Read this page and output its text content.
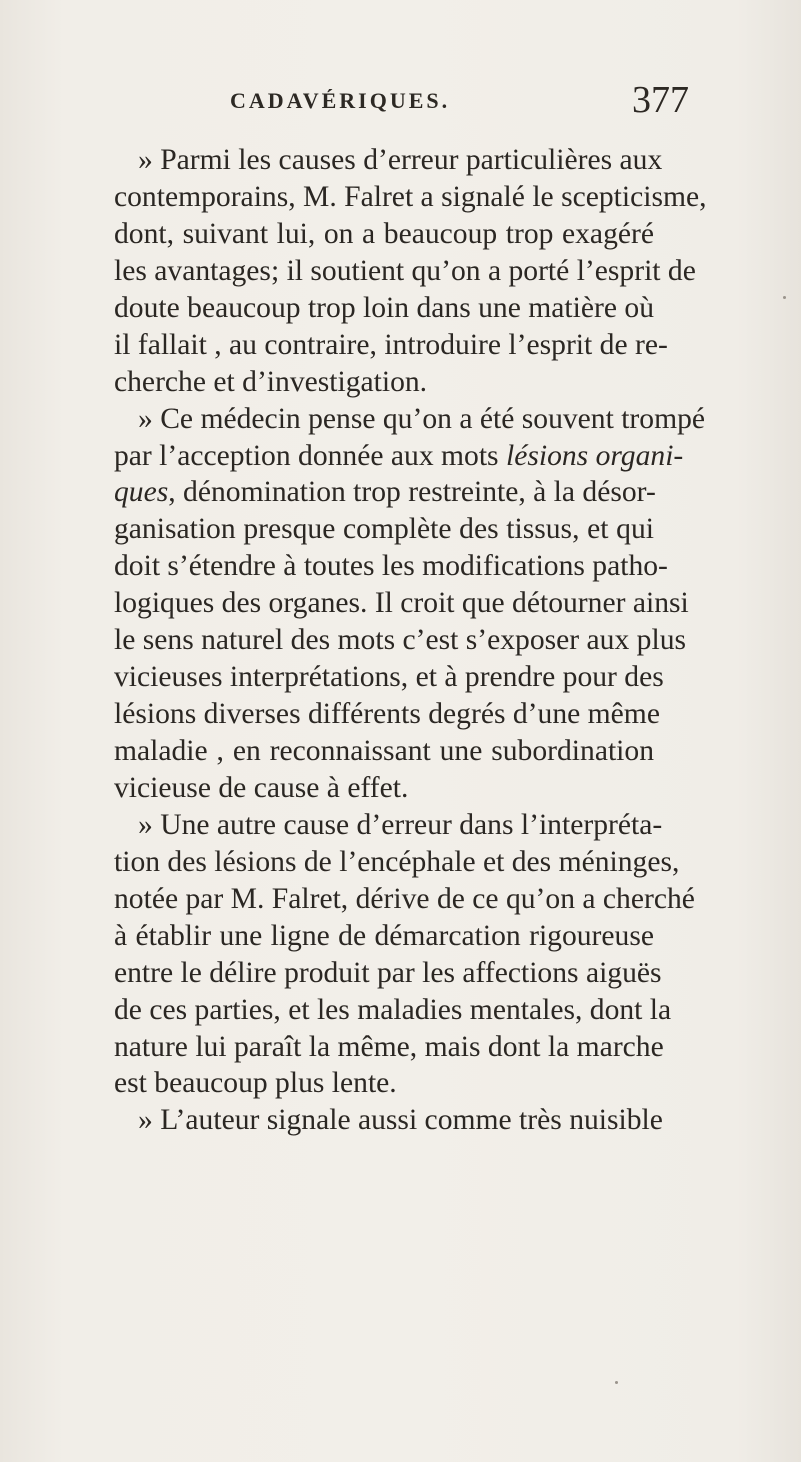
CADAVÉRIQUES.	377
» Parmi les causes d’erreur particulières aux
contemporains, M. Falret a signalé le scepticisme,
dont, suivant lui, on a beaucoup trop exagéré
les avantages; il soutient qu’on a porté l’esprit de
doute beaucoup trop loin dans une matière où
il fallait , au contraire, introduire l’esprit de re-
cherche et d’investigation.
» Ce médecin pense qu’on a été souvent trompé
par l’acception donnée aux mots lésions organi-
ques, dénomination trop restreinte, à la désor-
ganisation presque complète des tissus, et qui
doit s’étendre à toutes les modifications patho-
logiques des organes. Il croit que détourner ainsi
le sens naturel des mots c’est s’exposer aux plus
vicieuses interprétations, et à prendre pour des
lésions diverses différents degrés d’une même
maladie , en reconnaissant une subordination
vicieuse de cause à effet.
» Une autre cause d’erreur dans l’interpréta-
tion des lésions de l’encéphale et des méninges,
notée par M. Falret, dérive de ce qu’on a cherché
à établir une ligne de démarcation rigoureuse
entre le délire produit par les affections aiguës
de ces parties, et les maladies mentales, dont la
nature lui paraît la même, mais dont la marche
est beaucoup plus lente.
» L’auteur signale aussi comme très nuisible
